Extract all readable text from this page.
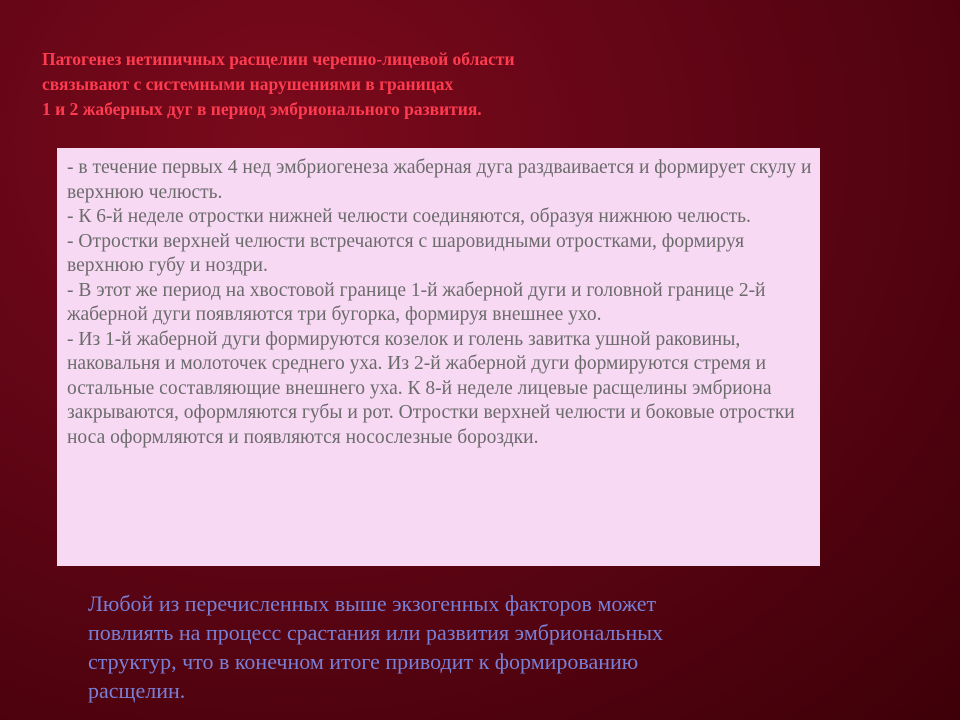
Патогенез нетипичных расщелин черепно-лицевой области
связывают с системными нарушениями в границах
1 и 2 жаберных дуг в период эмбрионального развития.
- в течение первых 4 нед эмбриогенеза жаберная дуга раздваивается и формирует скулу и верхнюю челюсть.
- К 6-й неделе отростки нижней челюсти соединяются, образуя нижнюю челюсть.
- Отростки верхней челюсти встречаются с шаровидными отростками, формируя верхнюю губу и ноздри.
- В этот же период на хвостовой границе 1-й жаберной дуги и головной границе 2-й жаберной дуги появляются три бугорка, формируя внешнее ухо.
- Из 1-й жаберной дуги формируются козелок и голень завитка ушной раковины, наковальня и молоточек среднего уха. Из 2-й жаберной дуги формируются стремя и остальные составляющие внешнего уха. К 8-й неделе лицевые расщелины эмбриона закрываются, оформляются губы и рот. Отростки верхней челюсти и боковые отростки носа оформляются и появляются носослезные бороздки.
Любой из перечисленных выше экзогенных факторов может
повлиять на процесс срастания или развития эмбриональных
структур, что в конечном итоге приводит к формированию
расщелин.
